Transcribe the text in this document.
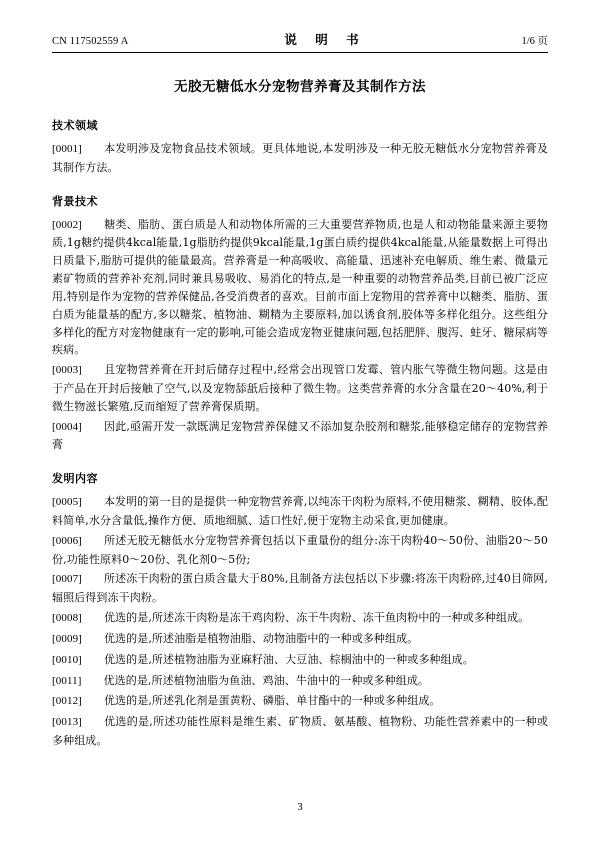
CN 117502559 A	说 明 书	1/6 页
无胶无糖低水分宠物营养膏及其制作方法
技术领域

[0001] 本发明涉及宠物食品技术领域。更具体地说,本发明涉及一种无胶无糖低水分宠物营养膏及其制作方法。

背景技术

[0002] 糖类、脂肪、蛋白质是人和动物体所需的三大重要营养物质,也是人和动物能量来源主要物质,1g糖约提供4kcal能量,1g脂肪约提供9kcal能量,1g蛋白质约提供4kcal能量,从能量数据上可得出日质量下,脂肪可提供的能量最高。营养膏是一种高吸收、高能量、迅速补充电解质、维生素、微量元素矿物质的营养补充剂,同时兼具易吸收、易消化的特点,是一种重要的动物营养品类,目前已被广泛应用,特别是作为宠物的营养保健品,各受消费者的喜欢。目前市面上宠物用的营养膏中以糖类、脂肪、蛋白质为能量基的配方,多以糖浆、植物油、糊精为主要原料,加以诱食剂,胶体等多样化组分。这些组分多样化的配方对宠物健康有一定的影响,可能会造成宠物亚健康问题,包括肥胖、腹泻、蛀牙、糖尿病等疾病。

[0003] 且宠物营养膏在开封后储存过程中,经常会出现管口发霉、管内胀气等微生物问题。这是由于产品在开封后接触了空气,以及宠物舔舐后接种了微生物。这类营养膏的水分含量在20～40%,利于微生物滋长繁殖,反而缩短了营养膏保质期。

[0004] 因此,亟需开发一款既满足宠物营养保健又不添加复杂胶剂和糖浆,能够稳定储存的宠物营养膏

发明内容

[0005] 本发明的第一目的是提供一种宠物营养膏,以纯冻干肉粉为原料,不使用糖浆、糊精、胶体,配料简单,水分含量低,操作方便、质地细腻、适口性好,便于宠物主动采食,更加健康。

[0006] 所述无胶无糖低水分宠物营养膏包括以下重量份的组分:冻干肉粉40～50份、油脂20～50份,功能性原料0～20份、乳化剂0～5份;

[0007] 所述冻干肉粉的蛋白质含量大于80%,且制备方法包括以下步骤:将冻干肉粉碎,过40目筛网,辐照后得到冻干肉粉。

[0008] 优选的是,所述冻干肉粉是冻干鸡肉粉、冻干牛肉粉、冻干鱼肉粉中的一种或多种组成。

[0009] 优选的是,所述油脂是植物油脂、动物油脂中的一种或多种组成。

[0010] 优选的是,所述植物油脂为亚麻籽油、大豆油、棕榈油中的一种或多种组成。

[0011] 优选的是,所述植物油脂为鱼油、鸡油、牛油中的一种或多种组成。

[0012] 优选的是,所述乳化剂是蛋黄粉、磷脂、单甘酯中的一种或多种组成。

[0013] 优选的是,所述功能性原料是维生素、矿物质、氨基酸、植物粉、功能性营养素中的一种或多种组成。

3
